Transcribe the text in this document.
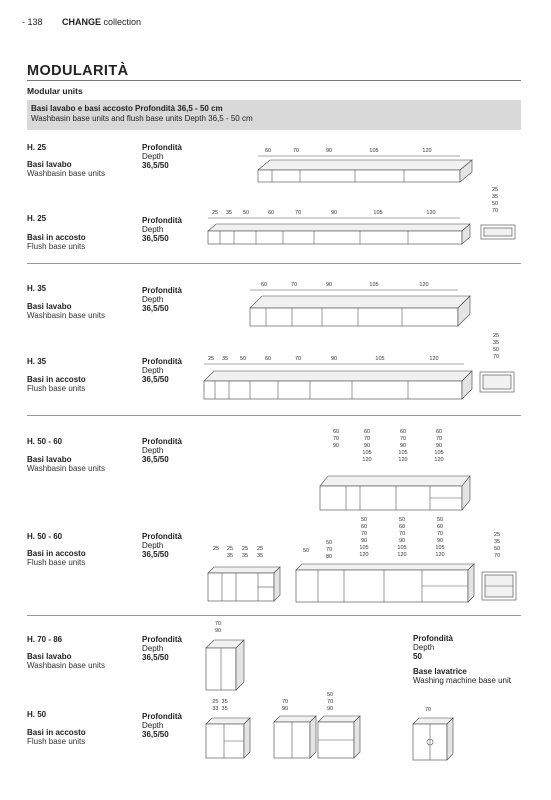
- 138 CHANGE collection
MODULARITÀ
Modular units
Basi lavabo e basi accosto Profondità 36,5 - 50 cm
Washbasin base units and flush base units Depth 36,5 - 50 cm
H. 25
Basi lavabo
Washbasin base units
Profondità
Depth
36,5/50
H. 25
Basi in accosto
Flush base units
Profondità
Depth
36,5/50
H. 35
Basi lavabo
Washbasin base units
Profondità
Depth
36,5/50
H. 35
Basi in accosto
Flush base units
Profondità
Depth
36,5/50
H. 50 - 60
Basi lavabo
Washbasin base units
Profondità
Depth
36,5/50
H. 50 - 60
Basi in accosto
Flush base units
Profondità
Depth
36,5/50
H. 70 - 86
Basi lavabo
Washbasin base units
Profondità
Depth
36,5/50
H. 50
Basi in accosto
Flush base units
Profondità
Depth
36,5/50
Profondità
Depth
50
Base lavatrice
Washing machine base unit
60	70	90	105	120
25 35 50	60	70	90	105	120
25 35 50 70
60	70	90	105	120
25 35 50	60	70	90	105	120
25 35 50 70
60 70 90
60 70 90 105 120
60 70 90 105 120
60 70 90 105 120
25 25 35
25 35
25 35
50
50 70 80
50 60 70 90 105 120
50 60 70 90 105 120
50 60 70 90 105 120
25 35 50 70
70 90
25  35 33  35
70 90
50 70 90	70
